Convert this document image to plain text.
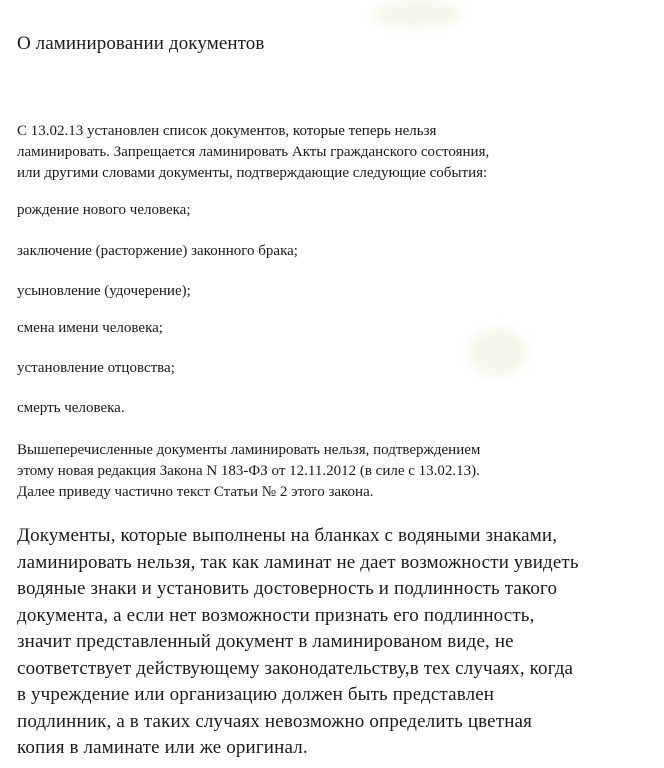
О ламинировании документов
С 13.02.13 установлен список документов, которые теперь нельзя
ламинировать. Запрещается ламинировать Акты гражданского состояния,
или другими словами документы, подтверждающие следующие события:
рождение нового человека;
заключение (расторжение) законного брака;
усыновление (удочерение);
смена имени человека;
установление отцовства;
смерть человека.
Вышеперечисленные документы ламинировать нельзя, подтверждением
этому новая редакция Закона N 183-ФЗ от 12.11.2012 (в силе с 13.02.13).
Далее приведу частично текст Статьи № 2 этого закона.
Документы, которые выполнены на бланках с водяными знаками,
ламинировать нельзя, так как ламинат не дает возможности увидеть
водяные знаки и установить достоверность и подлинность такого
документа, а если нет возможности признать его подлинность,
значит представленный документ в ламинированом виде, не
соответствует действующему законодательству,в тех случаях, когда
в учреждение или организацию должен быть представлен
подлинник, а в таких случаях невозможно определить цветная
копия в ламинате или же оригинал.
